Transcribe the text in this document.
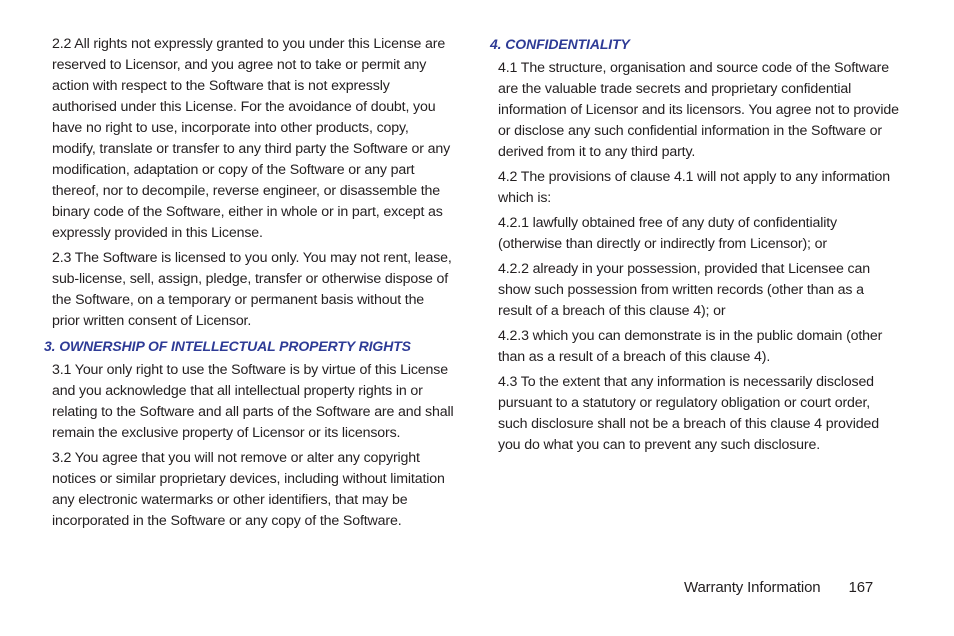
2.2 All rights not expressly granted to you under this License are reserved to Licensor, and you agree not to take or permit any action with respect to the Software that is not expressly authorised under this License. For the avoidance of doubt, you have no right to use, incorporate into other products, copy, modify, translate or transfer to any third party the Software or any modification, adaptation or copy of the Software or any part thereof, nor to decompile, reverse engineer, or disassemble the binary code of the Software, either in whole or in part, except as expressly provided in this License.

2.3 The Software is licensed to you only. You may not rent, lease, sub-license, sell, assign, pledge, transfer or otherwise dispose of the Software, on a temporary or permanent basis without the prior written consent of Licensor.

3. OWNERSHIP OF INTELLECTUAL PROPERTY RIGHTS

3.1 Your only right to use the Software is by virtue of this License and you acknowledge that all intellectual property rights in or relating to the Software and all parts of the Software are and shall remain the exclusive property of Licensor or its licensors.

3.2 You agree that you will not remove or alter any copyright notices or similar proprietary devices, including without limitation any electronic watermarks or other identifiers, that may be incorporated in the Software or any copy of the Software.

4. CONFIDENTIALITY

4.1 The structure, organisation and source code of the Software are the valuable trade secrets and proprietary confidential information of Licensor and its licensors. You agree not to provide or disclose any such confidential information in the Software or derived from it to any third party.

4.2 The provisions of clause 4.1 will not apply to any information which is:

4.2.1 lawfully obtained free of any duty of confidentiality (otherwise than directly or indirectly from Licensor); or

4.2.2 already in your possession, provided that Licensee can show such possession from written records (other than as a result of a breach of this clause 4); or

4.2.3 which you can demonstrate is in the public domain (other than as a result of a breach of this clause 4).

4.3 To the extent that any information is necessarily disclosed pursuant to a statutory or regulatory obligation or court order, such disclosure shall not be a breach of this clause 4 provided you do what you can to prevent any such disclosure.

Warranty Information 167
